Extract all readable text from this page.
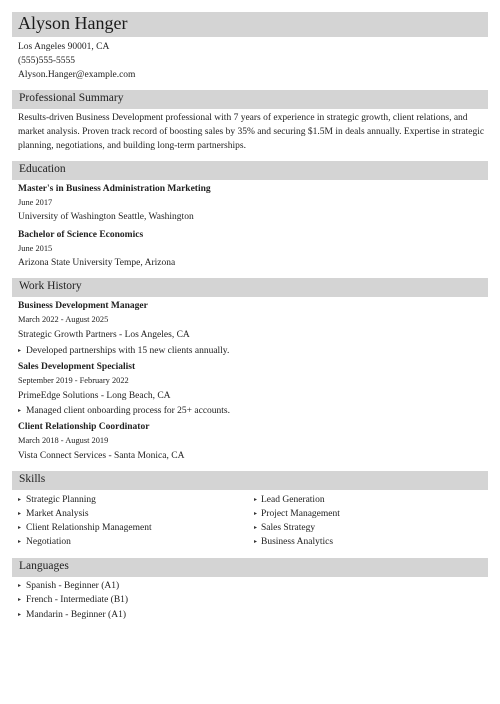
Alyson Hanger
Los Angeles 90001, CA
(555)555-5555
Alyson.Hanger@example.com
Professional Summary
Results-driven Business Development professional with 7 years of experience in strategic growth, client relations, and market analysis. Proven track record of boosting sales by 35% and securing $1.5M in deals annually. Expertise in strategic planning, negotiations, and building long-term partnerships.
Education
Master's in Business Administration Marketing
June 2017
University of Washington Seattle, Washington
Bachelor of Science Economics
June 2015
Arizona State University Tempe, Arizona
Work History
Business Development Manager
March 2022 - August 2025
Strategic Growth Partners - Los Angeles, CA
▸ Developed partnerships with 15 new clients annually.
Sales Development Specialist
September 2019 - February 2022
PrimeEdge Solutions - Long Beach, CA
▸ Managed client onboarding process for 25+ accounts.
Client Relationship Coordinator
March 2018 - August 2019
Vista Connect Services - Santa Monica, CA
Skills
▸ Strategic Planning
▸ Market Analysis
▸ Client Relationship Management
▸ Negotiation
▸ Lead Generation
▸ Project Management
▸ Sales Strategy
▸ Business Analytics
Languages
▸ Spanish - Beginner (A1)
▸ French - Intermediate (B1)
▸ Mandarin - Beginner (A1)
